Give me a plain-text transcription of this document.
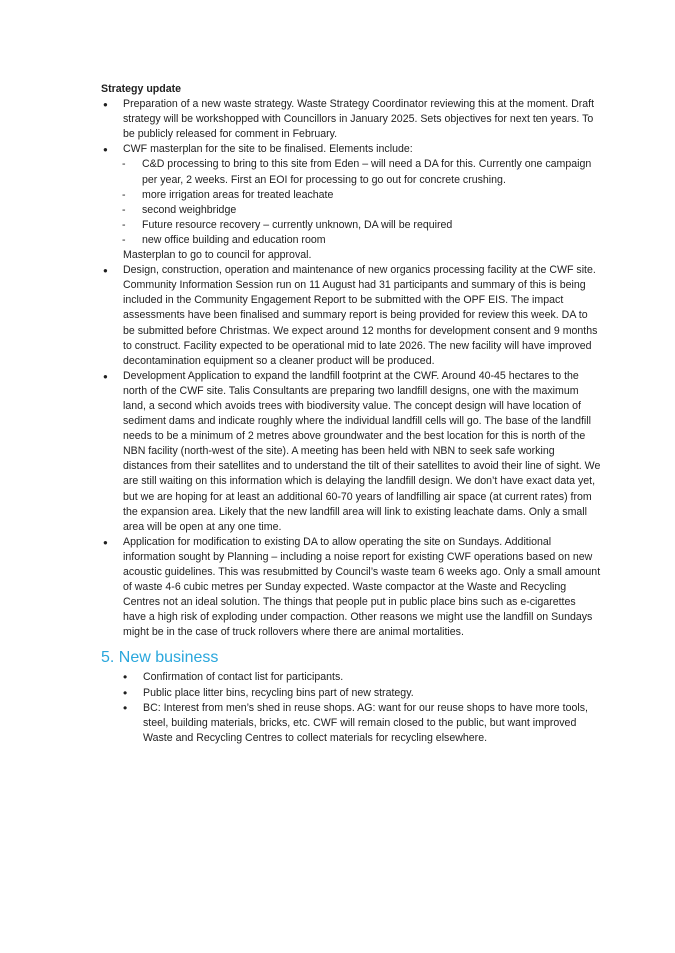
Strategy update
● Preparation of a new waste strategy. Waste Strategy Coordinator reviewing this at the moment. Draft strategy will be workshopped with Councillors in January 2025. Sets objectives for next ten years. To be publicly released for comment in February.
● CWF masterplan for the site to be finalised. Elements include:
- C&D processing to bring to this site from Eden – will need a DA for this. Currently one campaign per year, 2 weeks. First an EOI for processing to go out for concrete crushing.
- more irrigation areas for treated leachate
- second weighbridge
- Future resource recovery – currently unknown, DA will be required
- new office building and education room
Masterplan to go to council for approval.
● Design, construction, operation and maintenance of new organics processing facility at the CWF site. Community Information Session run on 11 August had 31 participants and summary of this is being included in the Community Engagement Report to be submitted with the OPF EIS. The impact assessments have been finalised and summary report is being provided for review this week. DA to be submitted before Christmas. We expect around 12 months for development consent and 9 months to construct. Facility expected to be operational mid to late 2026. The new facility will have improved decontamination equipment so a cleaner product will be produced.
● Development Application to expand the landfill footprint at the CWF. Around 40-45 hectares to the north of the CWF site. Talis Consultants are preparing two landfill designs, one with the maximum land, a second which avoids trees with biodiversity value. The concept design will have location of sediment dams and indicate roughly where the individual landfill cells will go. The base of the landfill needs to be a minimum of 2 metres above groundwater and the best location for this is north of the NBN facility (north-west of the site). A meeting has been held with NBN to seek safe working distances from their satellites and to understand the tilt of their satellites to avoid their line of sight. We are still waiting on this information which is delaying the landfill design. We don’t have exact data yet, but we are hoping for at least an additional 60-70 years of landfilling air space (at current rates) from the expansion area. Likely that the new landfill area will link to existing leachate dams. Only a small area will be open at any one time.
● Application for modification to existing DA to allow operating the site on Sundays. Additional information sought by Planning – including a noise report for existing CWF operations based on new acoustic guidelines. This was resubmitted by Council’s waste team 6 weeks ago. Only a small amount of waste 4-6 cubic metres per Sunday expected. Waste compactor at the Waste and Recycling Centres not an ideal solution. The things that people put in public place bins such as e-cigarettes have a high risk of exploding under compaction. Other reasons we might use the landfill on Sundays might be in the case of truck rollovers where there are animal mortalities.
5. New business
• Confirmation of contact list for participants.
• Public place litter bins, recycling bins part of new strategy.
• BC: Interest from men’s shed in reuse shops. AG: want for our reuse shops to have more tools, steel, building materials, bricks, etc. CWF will remain closed to the public, but want improved Waste and Recycling Centres to collect materials for recycling elsewhere.
